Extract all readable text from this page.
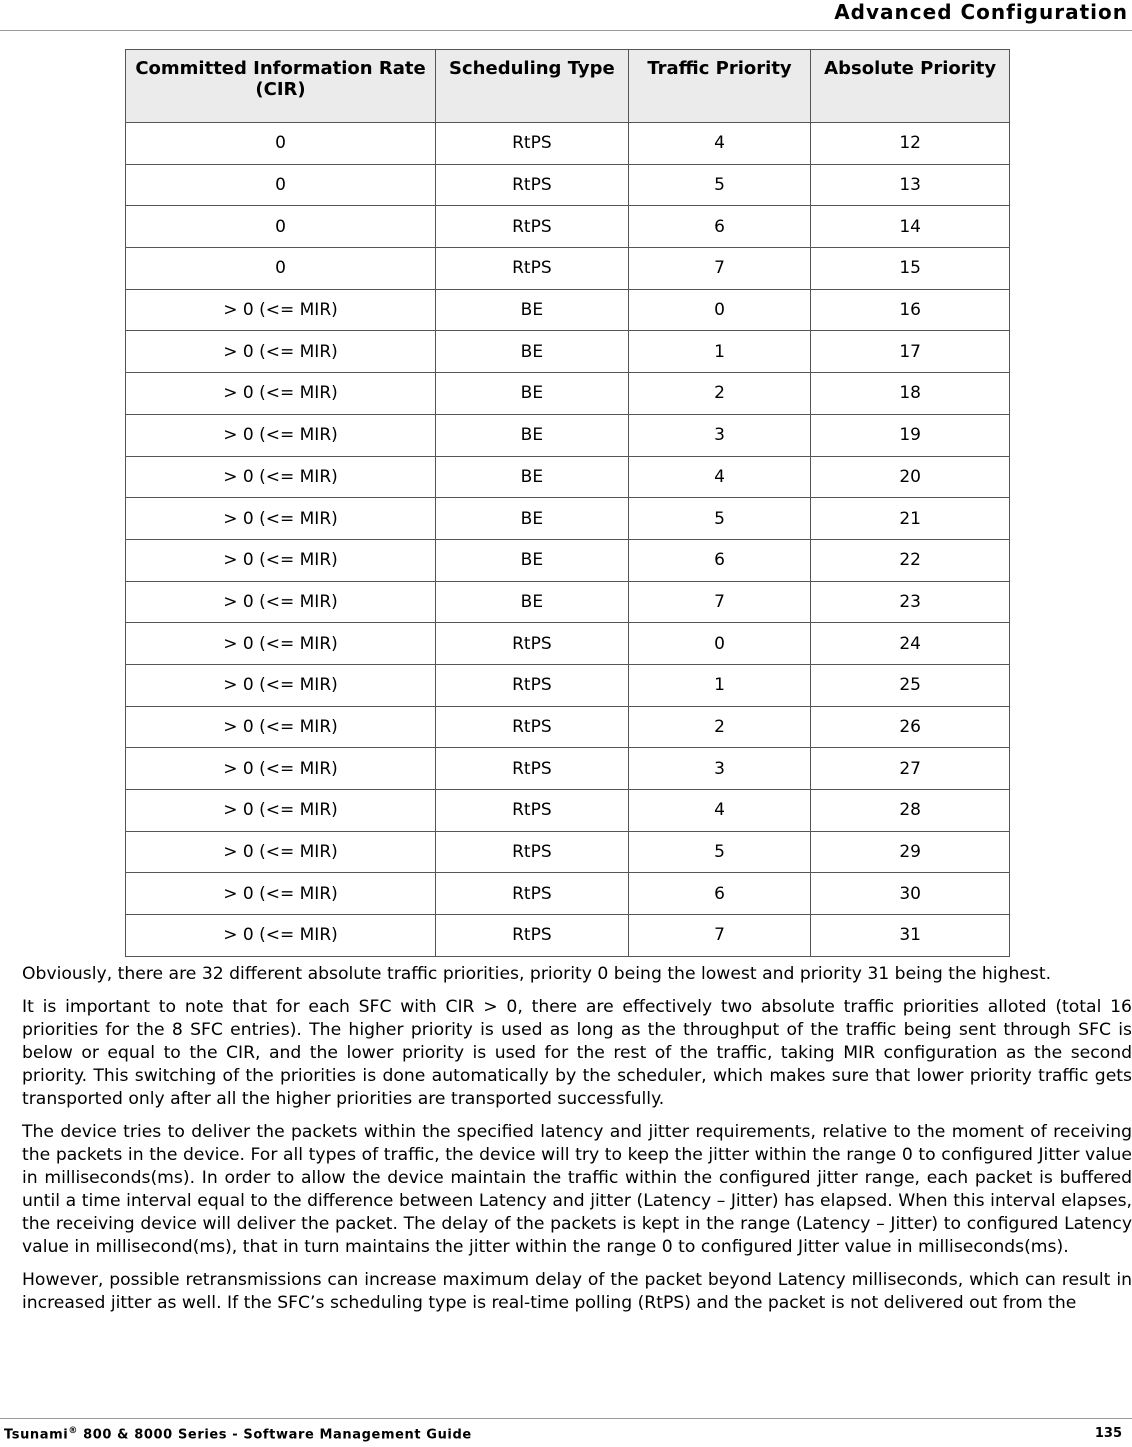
Advanced Configuration
Committed Information Rate (CIR)	Scheduling Type	Traffic Priority	Absolute Priority
0	RtPS	4	12
0	RtPS	5	13
0	RtPS	6	14
0	RtPS	7	15
> 0 (<= MIR)	BE	0	16
> 0 (<= MIR)	BE	1	17
> 0 (<= MIR)	BE	2	18
> 0 (<= MIR)	BE	3	19
> 0 (<= MIR)	BE	4	20
> 0 (<= MIR)	BE	5	21
> 0 (<= MIR)	BE	6	22
> 0 (<= MIR)	BE	7	23
> 0 (<= MIR)	RtPS	0	24
> 0 (<= MIR)	RtPS	1	25
> 0 (<= MIR)	RtPS	2	26
> 0 (<= MIR)	RtPS	3	27
> 0 (<= MIR)	RtPS	4	28
> 0 (<= MIR)	RtPS	5	29
> 0 (<= MIR)	RtPS	6	30
> 0 (<= MIR)	RtPS	7	31

Obviously, there are 32 different absolute traffic priorities, priority 0 being the lowest and priority 31 being the highest.

It is important to note that for each SFC with CIR > 0, there are effectively two absolute traffic priorities alloted (total 16 priorities for the 8 SFC entries). The higher priority is used as long as the throughput of the traffic being sent through SFC is below or equal to the CIR, and the lower priority is used for the rest of the traffic, taking MIR configuration as the second priority. This switching of the priorities is done automatically by the scheduler, which makes sure that lower priority traffic gets transported only after all the higher priorities are transported successfully.

The device tries to deliver the packets within the specified latency and jitter requirements, relative to the moment of receiving the packets in the device. For all types of traffic, the device will try to keep the jitter within the range 0 to configured Jitter value in milliseconds(ms). In order to allow the device maintain the traffic within the configured jitter range, each packet is buffered until a time interval equal to the difference between Latency and jitter (Latency – Jitter) has elapsed. When this interval elapses, the receiving device will deliver the packet. The delay of the packets is kept in the range (Latency – Jitter) to configured Latency value in millisecond(ms), that in turn maintains the jitter within the range 0 to configured Jitter value in milliseconds(ms).

However, possible retransmissions can increase maximum delay of the packet beyond Latency milliseconds, which can result in increased jitter as well. If the SFC’s scheduling type is real-time polling (RtPS) and the packet is not delivered out from the

Tsunami® 800 & 8000 Series - Software Management Guide	135
